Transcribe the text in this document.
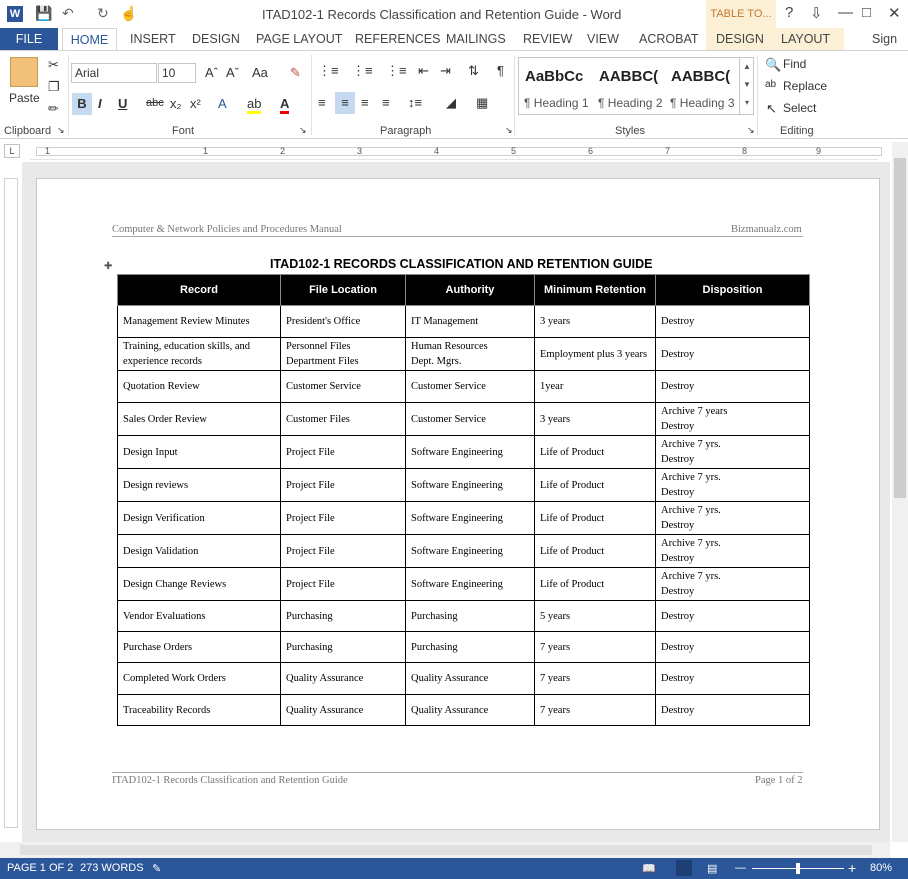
W 💾 ↶ ↻ ☝	ITAD102-1 Records Classification and Retention Guide - Word	TABLE TO... ? ⇩ — □ ✕
FILE	HOME	INSERT DESIGN PAGE LAYOUT REFERENCES MAILINGS REVIEW VIEW ACROBAT DESIGN LAYOUT	Sign
Paste
✂
❐
✏
Clipboard ↘
Arial	10	Aˆ Aˇ Aa ✎
B I U abc x₂ x² A ab A
Font	↘
⋮≡ ⋮≡ ⋮≡ ⇤ ⇥ ⇅ ¶
≡	≡ ≡ ≡ ↕≡ ◢ ▦
Paragraph	↘
AaBbCc
¶ Heading 1
AABBC(
¶ Heading 2
AABBC(
¶ Heading 3
▲
▼
▾
Styles	↘
🔍 Find
ab Replace
↖ Select
Editing
L	1	1	2	3	4	5	6	7	8	9
Computer & Network Policies and Procedures Manual	Bizmanualz.com
✚	ITAD102-1 RECORDS CLASSIFICATION AND RETENTION GUIDE
Record	File Location	Authority	Minimum Retention	Disposition
Management Review Minutes	President's Office	IT Management	3 years	Destroy
Training, education skills, and experience records	Personnel Files
Department Files	Human Resources
Dept. Mgrs.	Employment plus 3 years	Destroy
Quotation Review	Customer Service	Customer Service	1year	Destroy
Sales Order Review	Customer Files	Customer Service	3 years	Archive 7 years
Destroy
Design Input	Project File	Software Engineering	Life of Product	Archive 7 yrs.
Destroy
Design reviews	Project File	Software Engineering	Life of Product	Archive 7 yrs.
Destroy
Design Verification	Project File	Software Engineering	Life of Product	Archive 7 yrs.
Destroy
Design Validation	Project File	Software Engineering	Life of Product	Archive 7 yrs.
Destroy
Design Change Reviews	Project File	Software Engineering	Life of Product	Archive 7 yrs.
Destroy
Vendor Evaluations	Purchasing	Purchasing	5 years	Destroy
Purchase Orders	Purchasing	Purchasing	7 years	Destroy
Completed Work Orders	Quality Assurance	Quality Assurance	7 years	Destroy
Traceability Records	Quality Assurance	Quality Assurance	7 years	Destroy
ITAD102-1 Records Classification and Retention Guide	Page 1 of 2
PAGE 1 OF 2 273 WORDS ✎	📖	▤ —	+ 80%
